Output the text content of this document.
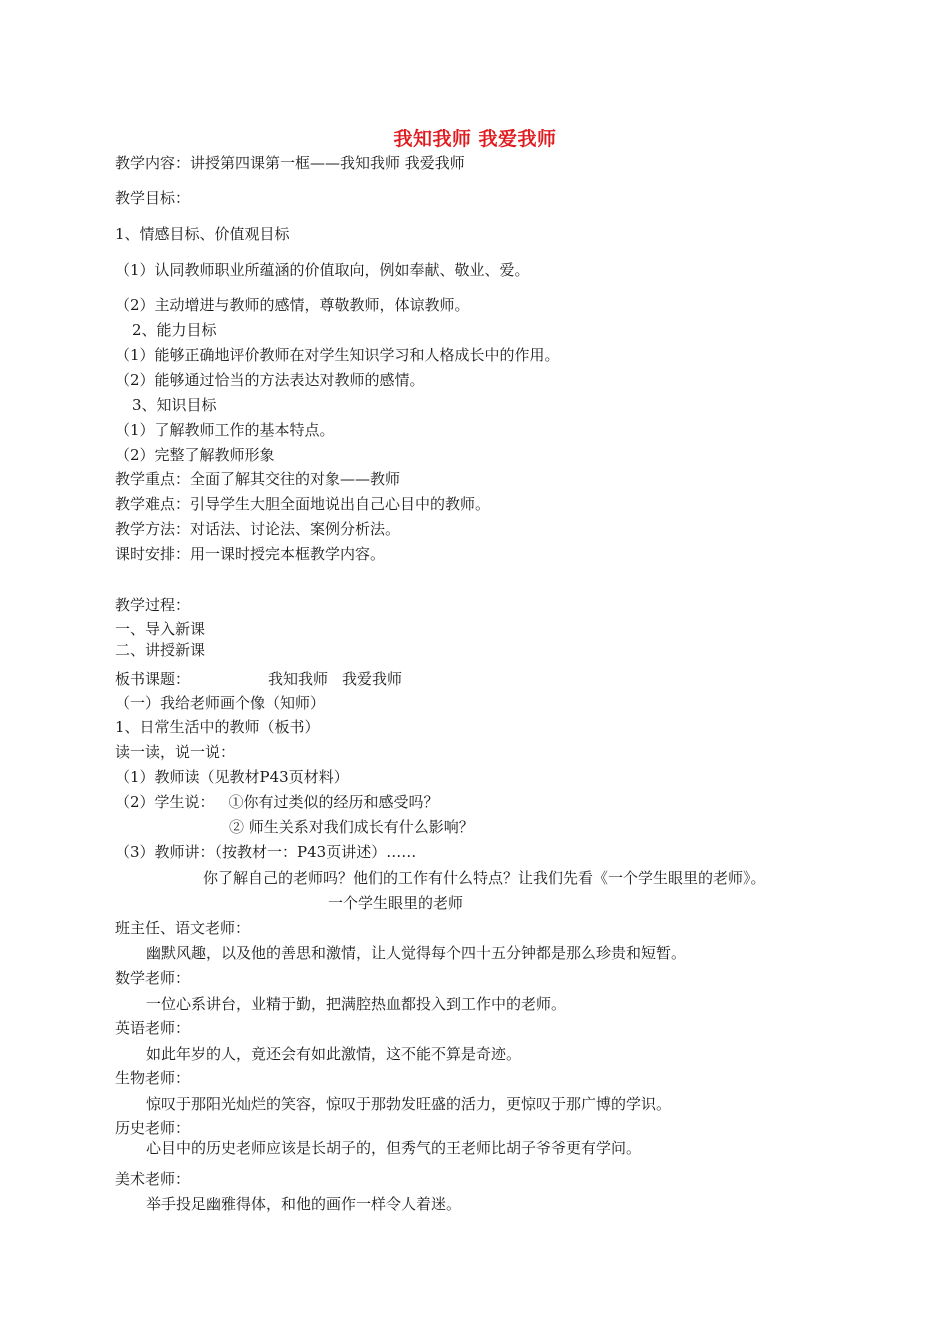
我知我师 我爱我师
教学内容：讲授第四课第一框——我知我师 我爱我师
教学目标：
1、情感目标、价值观目标
（1）认同教师职业所蕴涵的价值取向，例如奉献、敬业、爱。
（2）主动增进与教师的感情，尊敬教师，体谅教师。
2、能力目标
（1）能够正确地评价教师在对学生知识学习和人格成长中的作用。
（2）能够通过恰当的方法表达对教师的感情。
3、知识目标
（1）了解教师工作的基本特点。
（2）完整了解教师形象
教学重点：全面了解其交往的对象——教师
教学难点：引导学生大胆全面地说出自己心目中的教师。
教学方法：对话法、讨论法、案例分析法。
课时安排：用一课时授完本框教学内容。
教学过程：
一、导入新课
二、讲授新课
板书课题：	我知我师 我爱我师
（一）我给老师画个像（知师）
1、日常生活中的教师（板书）
读一读，说一说：
（1）教师读（见教材P43页材料）
（2）学生说： ①你有过类似的经历和感受吗？
② 师生关系对我们成长有什么影响？
（3）教师讲：（按教材一：P43页讲述）……
你了解自己的老师吗？他们的工作有什么特点？让我们先看《一个学生眼里的老师》。
一个学生眼里的老师
班主任、语文老师：
幽默风趣，以及他的善思和激情，让人觉得每个四十五分钟都是那么珍贵和短暂。
数学老师：
一位心系讲台，业精于勤，把满腔热血都投入到工作中的老师。
英语老师：
如此年岁的人，竟还会有如此激情，这不能不算是奇迹。
生物老师：
惊叹于那阳光灿烂的笑容，惊叹于那勃发旺盛的活力，更惊叹于那广博的学识。
历史老师：
心目中的历史老师应该是长胡子的，但秀气的王老师比胡子爷爷更有学问。
美术老师：
举手投足幽雅得体，和他的画作一样令人着迷。
